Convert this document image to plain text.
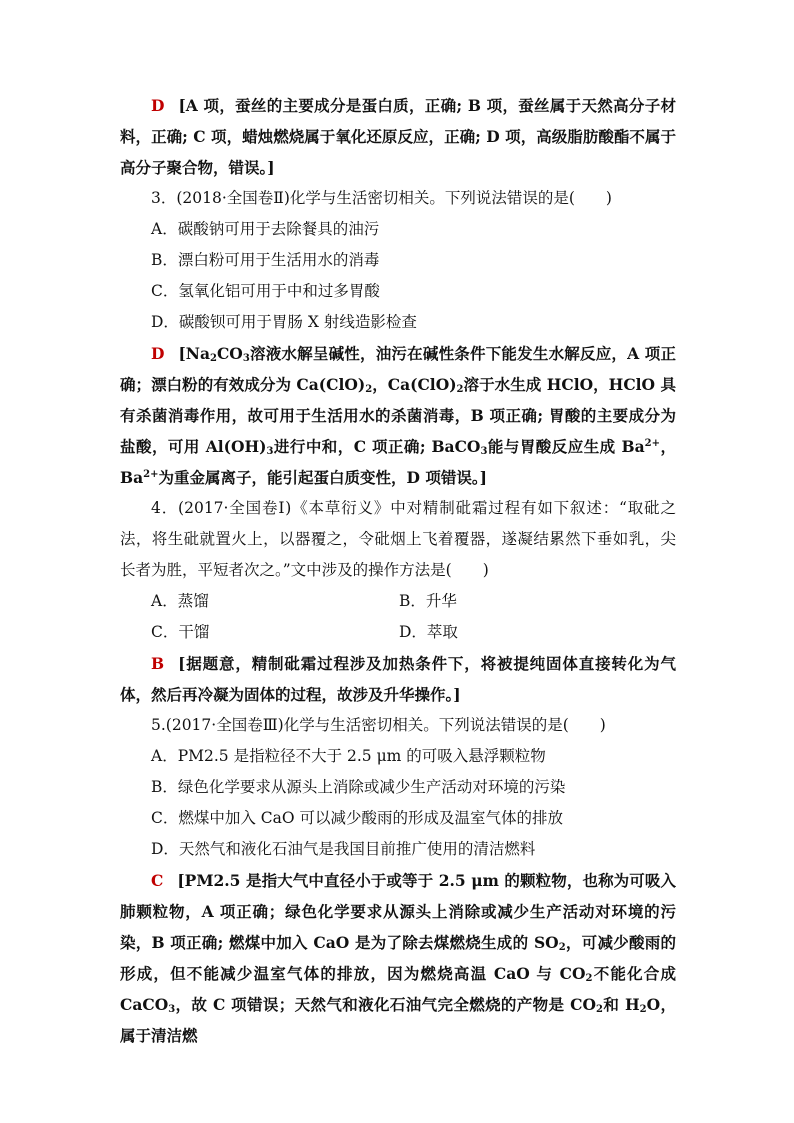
D [A 项，蚕丝的主要成分是蛋白质，正确; B 项，蚕丝属于天然高分子材料，正确; C 项，蜡烛燃烧属于氧化还原反应，正确; D 项，高级脂肪酸酯不属于高分子聚合物，错误。]

3．(2018·全国卷Ⅱ)化学与生活密切相关。下列说法错误的是(　　)

A．碳酸钠可用于去除餐具的油污

B．漂白粉可用于生活用水的消毒

C．氢氧化铝可用于中和过多胃酸

D．碳酸钡可用于胃肠 X 射线造影检查

D [$Na_2CO_3$溶液水解呈碱性，油污在碱性条件下能发生水解反应，A 项正确；漂白粉的有效成分为 $Ca(ClO)_2$，$Ca(ClO)_2$溶于水生成 HClO，HClO 具有杀菌消毒作用，故可用于生活用水的杀菌消毒，B 项正确; 胃酸的主要成分为盐酸，可用 $Al(OH)_3$进行中和，C 项正确; BaCO$_3$能与胃酸反应生成 $Ba^{2+}$，$Ba^{2+}$为重金属离子，能引起蛋白质变性，D 项错误。]

4．(2017·全国卷Ⅰ)《本草衍义》中对精制砒霜过程有如下叙述：“取砒之法，将生砒就置火上，以器覆之，令砒烟上飞着覆器，遂凝结累然下垂如乳，尖长者为胜，平短者次之。”文中涉及的操作方法是(　　)

A．蒸馏	B．升华
C．干馏	D．萃取

B [据题意，精制砒霜过程涉及加热条件下，将被提纯固体直接转化为气体，然后再冷凝为固体的过程，故涉及升华操作。]

5.(2017·全国卷Ⅲ)化学与生活密切相关。下列说法错误的是(　　)

A．PM2.5 是指粒径不大于 2.5 μm 的可吸入悬浮颗粒物

B．绿色化学要求从源头上消除或减少生产活动对环境的污染

C．燃煤中加入 CaO 可以减少酸雨的形成及温室气体的排放

D．天然气和液化石油气是我国目前推广使用的清洁燃料

C [PM2.5 是指大气中直径小于或等于 2.5 μm 的颗粒物，也称为可吸入肺颗粒物，A 项正确；绿色化学要求从源头上消除或减少生产活动对环境的污染，B 项正确; 燃煤中加入 CaO 是为了除去煤燃烧生成的 $SO_2$，可减少酸雨的形成，但不能减少温室气体的排放，因为燃烧高温 CaO 与 $CO_2$不能化合成 CaCO$_3$，故 C 项错误；天然气和液化石油气完全燃烧的产物是 $CO_2$和 $H_2O$，属于清洁燃
